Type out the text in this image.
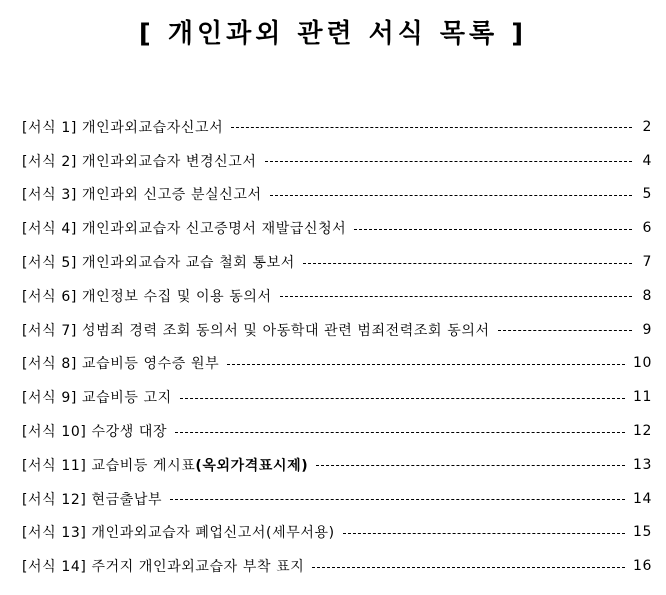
[ 개인과외 관련 서식 목록 ]
[서식 1] 개인과외교습자신고서	2
[서식 2] 개인과외교습자 변경신고서	4
[서식 3] 개인과외 신고증 분실신고서	5
[서식 4] 개인과외교습자 신고증명서 재발급신청서	6
[서식 5] 개인과외교습자 교습 철회 통보서	7
[서식 6] 개인정보 수집 및 이용 동의서	8
[서식 7] 성범죄 경력 조회 동의서 및 아동학대 관련 범죄전력조회 동의서	9
[서식 8] 교습비등 영수증 원부	10
[서식 9] 교습비등 고지	11
[서식 10] 수강생 대장	12
[서식 11] 교습비등 게시표(옥외가격표시제)	13
[서식 12] 현금출납부	14
[서식 13] 개인과외교습자 폐업신고서(세무서용)	15
[서식 14] 주거지 개인과외교습자 부착 표지	16
